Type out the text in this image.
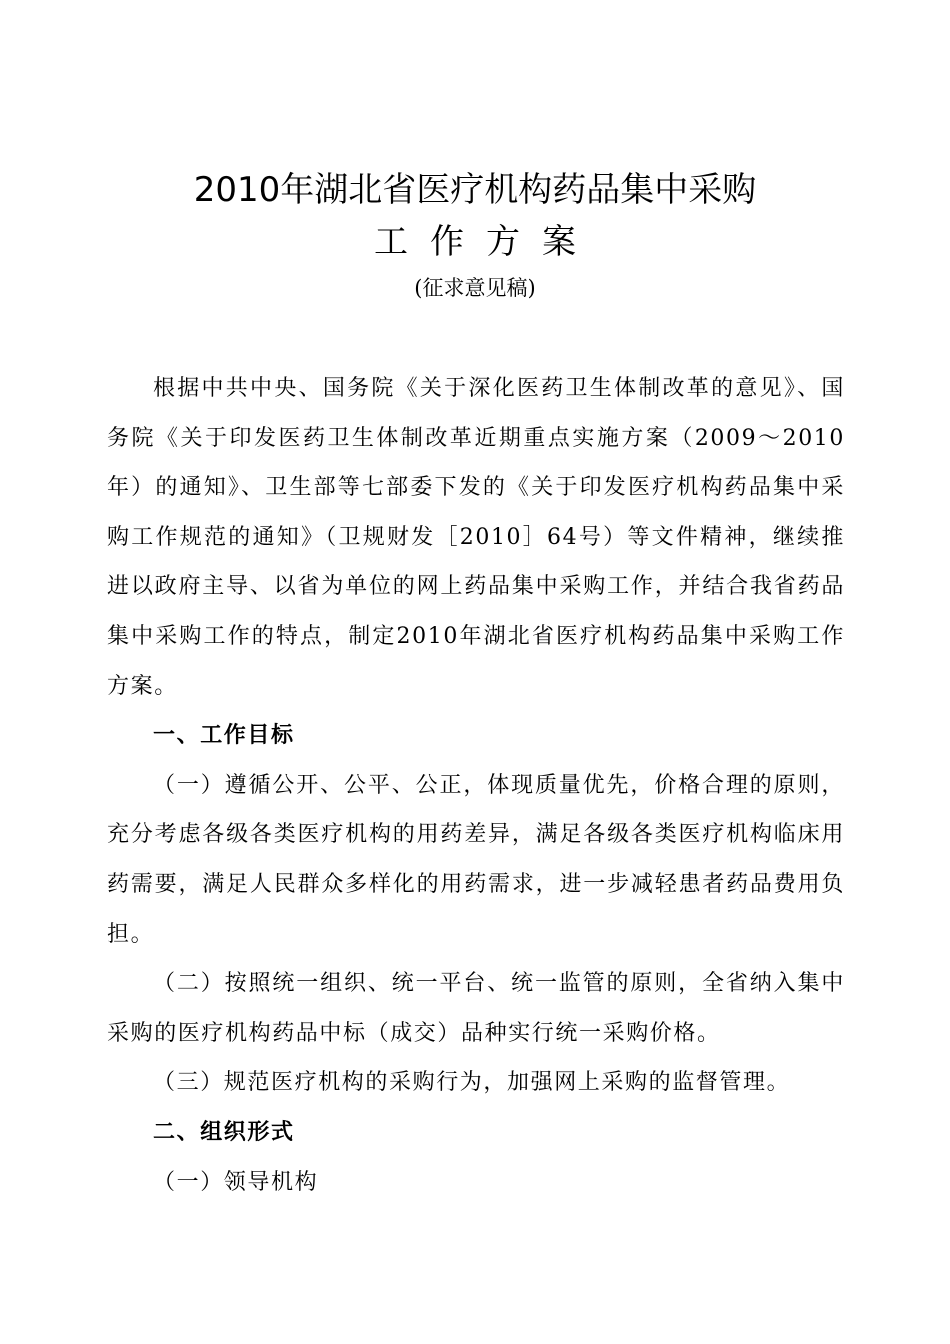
2010年湖北省医疗机构药品集中采购
工作方案
(征求意见稿)

根据中共中央、国务院《关于深化医药卫生体制改革的意见》、国务院《关于印发医药卫生体制改革近期重点实施方案（2009～2010年）的通知》、卫生部等七部委下发的《关于印发医疗机构药品集中采购工作规范的通知》（卫规财发［2010］64号）等文件精神，继续推进以政府主导、以省为单位的网上药品集中采购工作，并结合我省药品集中采购工作的特点，制定2010年湖北省医疗机构药品集中采购工作方案。

一、工作目标

（一）遵循公开、公平、公正，体现质量优先，价格合理的原则，充分考虑各级各类医疗机构的用药差异，满足各级各类医疗机构临床用药需要，满足人民群众多样化的用药需求，进一步减轻患者药品费用负担。

（二）按照统一组织、统一平台、统一监管的原则，全省纳入集中采购的医疗机构药品中标（成交）品种实行统一采购价格。

（三）规范医疗机构的采购行为，加强网上采购的监督管理。

二、组织形式

（一）领导机构
